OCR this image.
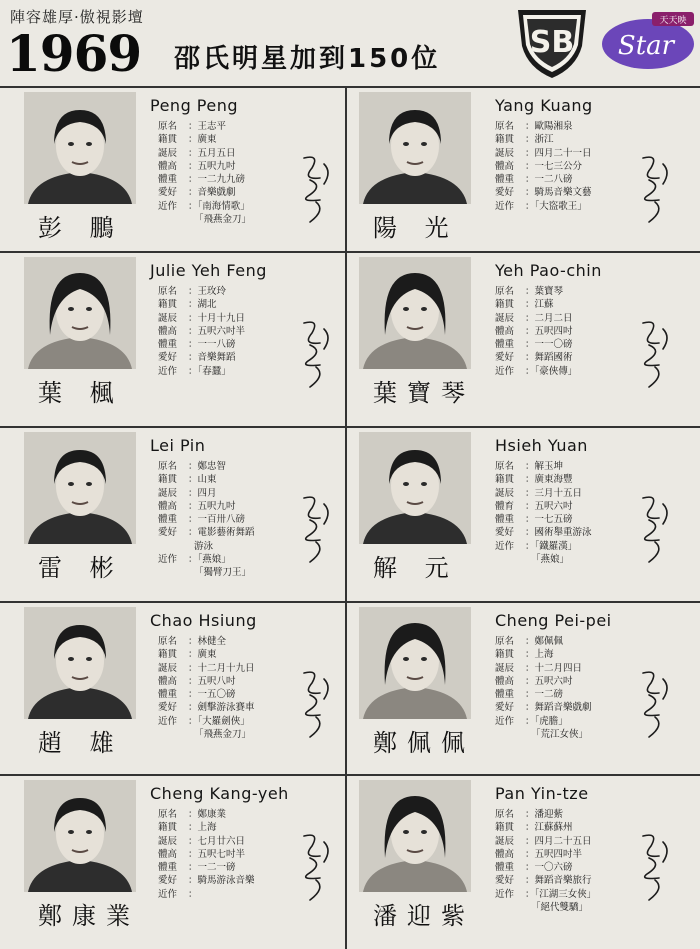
陣容雄厚·傲視影壇
1969 邵氏明星加到150位	SB
天天映
Star
彭 鵬
Peng Peng
原名 ：王志平
籍貫 ：廣東
誕辰 ：五月五日
體高 ：五呎九吋
體重 ：一二九九磅
愛好 ：音樂戲劇
近作 ：「南海情歌」
「飛燕金刀」	陽 光
Yang Kuang
原名 ：歐陽湘泉
籍貫 ：浙江
誕辰 ：四月二十一日
體高 ：一七三公分
體重 ：一二八磅
愛好 ：騎馬音樂文藝
近作 ：「大盜歌王」
葉 楓
Julie Yeh Feng
原名 ：王玫玲
籍貫 ：湖北
誕辰 ：十月十九日
體高 ：五呎六吋半
體重 ：一一八磅
愛好 ：音樂舞蹈
近作 ：「春蠶」
葉寶琴
Yeh Pao-chin
原名 ：葉寶琴
籍貫 ：江蘇
誕辰 ：二月二日
體高 ：五呎四吋
體重 ：一一〇磅
愛好 ：舞蹈國術
近作 ：「豪俠傳」
雷 彬
Lei Pin
原名 ：鄭忠智
籍貫 ：山東
誕辰 ：四月
體高 ：五呎九吋
體重 ：一百卅八磅
愛好 ：電影藝術舞蹈
游泳
近作 ：「燕娘」
「獨臂刀王」	解 元
Hsieh Yuan
原名 ：解玉坤
籍貫 ：廣東海豐
誕辰 ：三月十五日
體育 ：五呎六吋
體重 ：一七五磅
愛好 ：國術舉重游泳
近作 ：「鐵羅漢」
「燕娘」
趙 雄
Chao Hsiung
原名 ：林健全
籍貫 ：廣東
誕辰 ：十二月十九日
體高 ：五呎八吋
體重 ：一五〇磅
愛好 ：劍擊游泳賽車
近作 ：「大羅劍俠」
「飛燕金刀」	鄭佩佩
Cheng Pei-pei
原名 ：鄭佩佩
籍貫 ：上海
誕辰 ：十二月四日
體高 ：五呎六吋
體重 ：一二磅
愛好 ：舞蹈音樂戲劇
近作 ：「虎膽」
「荒江女俠」
鄭康業
Cheng Kang-yeh
原名 ：鄭康業
籍貫 ：上海
誕辰 ：七月廿六日
體高 ：五呎七吋半
體重 ：一二一磅
愛好 ：騎馬游泳音樂
近作 ：
潘迎紫
Pan Yin-tze
原名 ：潘迎紫
籍貫 ：江蘇蘇州
誕辰 ：四月二十五日
體高 ：五呎四吋半
體重 ：一〇六磅
愛好 ：舞蹈音樂旅行
近作 ：「江湖三女俠」
「絕代雙驕」
